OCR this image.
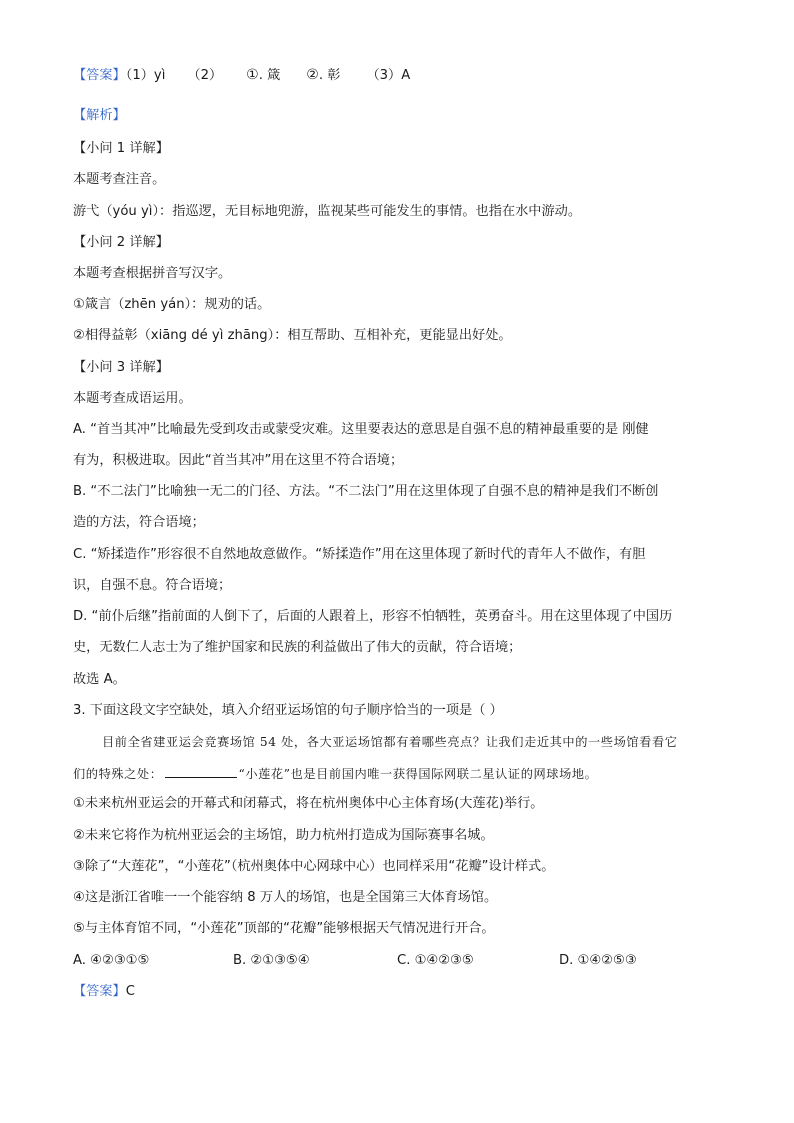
【答案】（1）yì （2） ①. 箴 ②. 彰 （3）A
【解析】
【小问 1 详解】
本题考查注音。
游弋（yóu yì）：指巡逻，无目标地兜游，监视某些可能发生的事情。也指在水中游动。
【小问 2 详解】
本题考查根据拼音写汉字。
①箴言（zhēn yán）：规劝的话。
②相得益彰（xiāng dé yì zhāng）：相互帮助、互相补充，更能显出好处。
【小问 3 详解】
本题考查成语运用。
A. “首当其冲”比喻最先受到攻击或蒙受灾难。这里要表达的意思是自强不息的精神最重要的是 刚健
有为，积极进取。因此“首当其冲”用在这里不符合语境；
B. “不二法门”比喻独一无二的门径、方法。“不二法门”用在这里体现了自强不息的精神是我们不断创
造的方法，符合语境；
C. “矫揉造作”形容很不自然地故意做作。“矫揉造作”用在这里体现了新时代的青年人不做作，有胆
识，自强不息。符合语境；
D. “前仆后继”指前面的人倒下了，后面的人跟着上，形容不怕牺牲，英勇奋斗。用在这里体现了中国历
史，无数仁人志士为了维护国家和民族的利益做出了伟大的贡献，符合语境；
故选 A。
3. 下面这段文字空缺处，填入介绍亚运场馆的句子顺序恰当的一项是（ ）
目前全省建亚运会竞赛场馆 54 处，各大亚运场馆都有着哪些亮点？让我们走近其中的一些场馆看看它
们的特殊之处：	“小莲花”也是目前国内唯一获得国际网联二星认证的网球场地。
①未来杭州亚运会的开幕式和闭幕式，将在杭州奥体中心主体育场(大莲花)举行。
②未来它将作为杭州亚运会的主场馆，助力杭州打造成为国际赛事名城。
③除了“大莲花”，“小莲花”（杭州奥体中心网球中心）也同样采用“花瓣”设计样式。
④这是浙江省唯一一个能容纳 8 万人的场馆，也是全国第三大体育场馆。
⑤与主体育馆不同，“小莲花”顶部的“花瓣”能够根据天气情况进行开合。
A. ④②③①⑤	B. ②①③⑤④	C. ①④②③⑤	D. ①④②⑤③
【答案】C
